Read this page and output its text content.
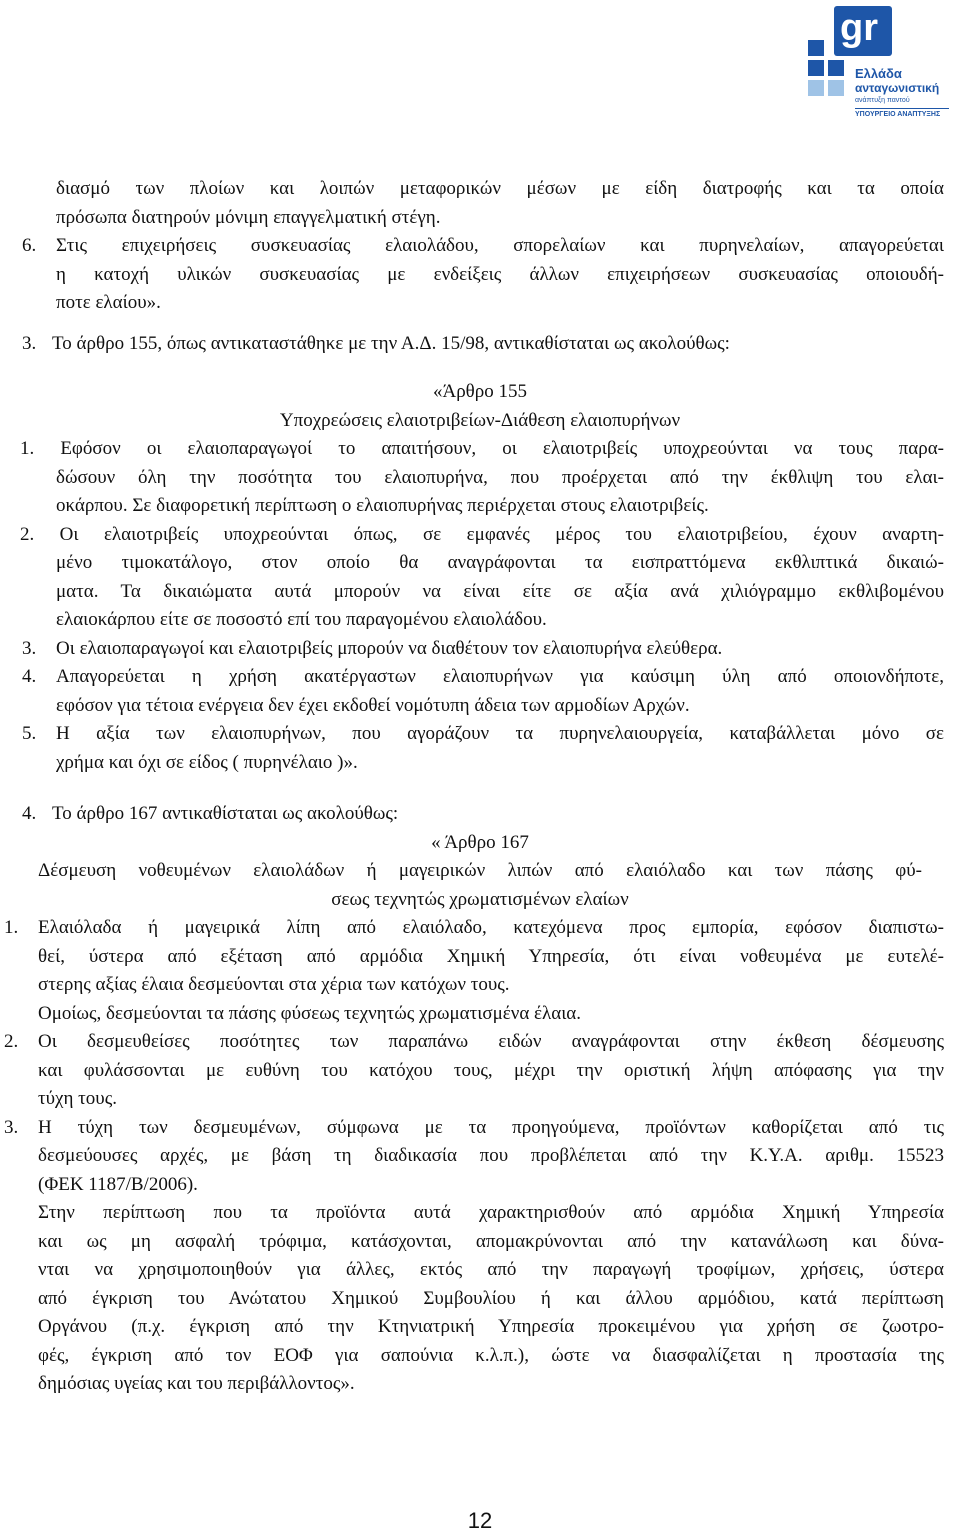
gr
Ελλάδα
ανταγωνιστική
ανάπτυξη παντού
ΥΠΟΥΡΓΕΙΟ ΑΝΑΠΤΥΞΗΣ
διασμό των πλοίων και λοιπών μεταφορικών μέσων με είδη διατροφής και τα οποία
πρόσωπα διατηρούν μόνιμη επαγγελματική στέγη.
6. Στις επιχειρήσεις συσκευασίας ελαιολάδου, σπορελαίων και πυρηνελαίων, απαγορεύεται
η κατοχή υλικών συσκευασίας με ενδείξεις άλλων επιχειρήσεων συσκευασίας οποιουδή-
ποτε ελαίου».
3. Το άρθρο 155, όπως αντικαταστάθηκε με την Α.Δ. 15/98, αντικαθίσταται ως ακολούθως:
«Άρθρο 155
Υποχρεώσεις ελαιοτριβείων-Διάθεση ελαιοπυρήνων
1. Εφόσον οι ελαιοπαραγωγοί το απαιτήσουν, οι ελαιοτριβείς υποχρεούνται να τους παρα-
δώσουν όλη την ποσότητα του ελαιοπυρήνα, που προέρχεται από την έκθλιψη του ελαι-
οκάρπου. Σε διαφορετική περίπτωση ο ελαιοπυρήνας περιέρχεται στους ελαιοτριβείς.
2. Οι ελαιοτριβείς υποχρεούνται όπως, σε εμφανές μέρος του ελαιοτριβείου, έχουν αναρτη-
μένο τιμοκατάλογο, στον οποίο θα αναγράφονται τα εισπραττόμενα εκθλιπτικά δικαιώ-
ματα. Τα δικαιώματα αυτά μπορούν να είναι είτε σε αξία ανά χιλιόγραμμο εκθλιβομένου
ελαιοκάρπου είτε σε ποσοστό επί του παραγομένου ελαιολάδου.
3. Οι ελαιοπαραγωγοί και ελαιοτριβείς μπορούν να διαθέτουν τον ελαιοπυρήνα ελεύθερα.
4. Απαγορεύεται η χρήση ακατέργαστων ελαιοπυρήνων για καύσιμη ύλη από οποιονδήποτε,
εφόσον για τέτοια ενέργεια δεν έχει εκδοθεί νομότυπη άδεια των αρμοδίων Αρχών.
5. Η αξία των ελαιοπυρήνων, που αγοράζουν τα πυρηνελαιουργεία, καταβάλλεται μόνο σε
χρήμα και όχι σε είδος ( πυρηνέλαιο )».
4. Το άρθρο 167 αντικαθίσταται ως ακολούθως:
« Άρθρο 167
Δέσμευση νοθευμένων ελαιολάδων ή μαγειρικών λιπών από ελαιόλαδο και των πάσης φύ-
σεως τεχνητώς χρωματισμένων ελαίων
1. Ελαιόλαδα ή μαγειρικά λίπη από ελαιόλαδο, κατεχόμενα προς εμπορία, εφόσον διαπιστω-
θεί, ύστερα από εξέταση από αρμόδια Χημική Υπηρεσία, ότι είναι νοθευμένα με ευτελέ-
στερης αξίας έλαια δεσμεύονται στα χέρια των κατόχων τους.
Ομοίως, δεσμεύονται τα πάσης φύσεως τεχνητώς χρωματισμένα έλαια.
2. Οι δεσμευθείσες ποσότητες των παραπάνω ειδών αναγράφονται στην έκθεση δέσμευσης
και φυλάσσονται με ευθύνη του κατόχου τους, μέχρι την οριστική λήψη απόφασης για την
τύχη τους.
3. Η τύχη των δεσμευμένων, σύμφωνα με τα προηγούμενα, προϊόντων καθορίζεται από τις
δεσμεύουσες αρχές, με βάση τη διαδικασία που προβλέπεται από την Κ.Υ.Α. αριθμ. 15523
(ΦΕΚ 1187/Β/2006).
Στην περίπτωση που τα προϊόντα αυτά χαρακτηρισθούν από αρμόδια Χημική Υπηρεσία
και ως μη ασφαλή τρόφιμα, κατάσχονται, απομακρύνονται από την κατανάλωση και δύνα-
νται να χρησιμοποιηθούν για άλλες, εκτός από την παραγωγή τροφίμων, χρήσεις, ύστερα
από έγκριση του Ανώτατου Χημικού Συμβουλίου ή και άλλου αρμόδιου, κατά περίπτωση
Οργάνου (π.χ. έγκριση από την Κτηνιατρική Υπηρεσία προκειμένου για χρήση σε ζωοτρο-
φές, έγκριση από τον ΕΟΦ για σαπούνια κ.λ.π.), ώστε να διασφαλίζεται η προστασία της
δημόσιας υγείας και του περιβάλλοντος».
12
